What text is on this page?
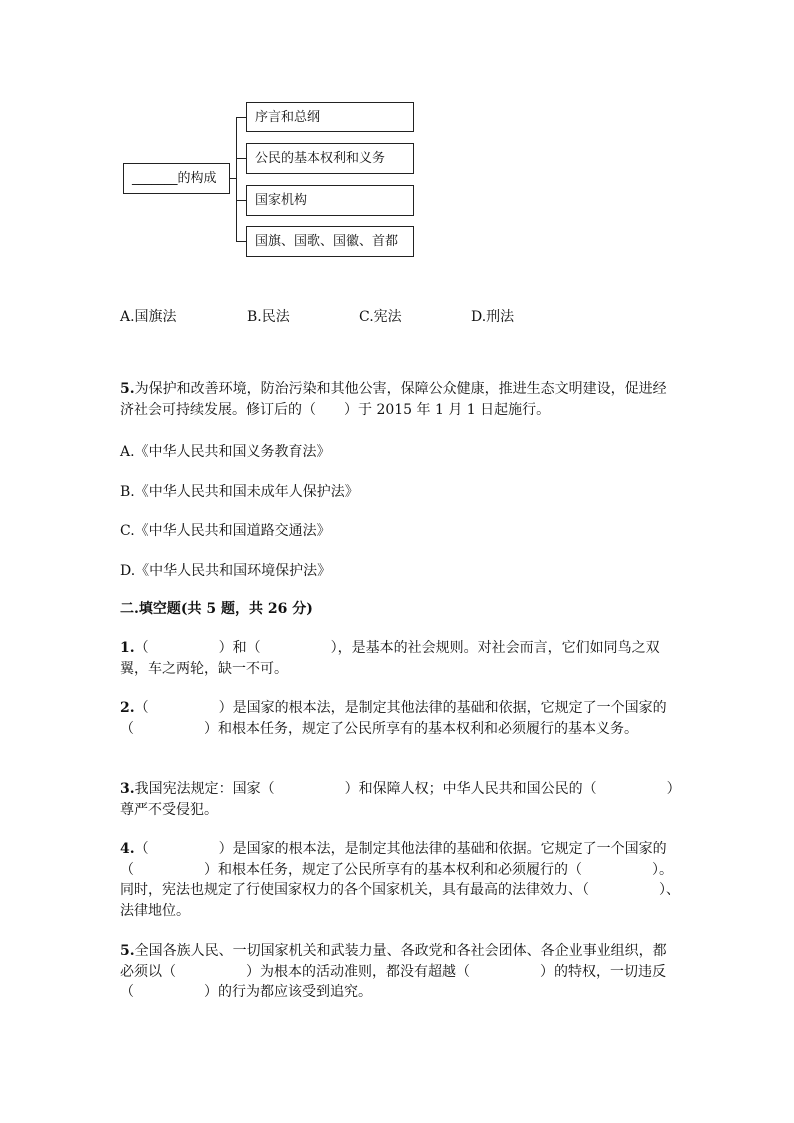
_______的构成
序言和总纲
公民的基本权利和义务
国家机构
国旗、国歌、国徽、首都
A.国旗法	B.民法	C.宪法	D.刑法
5.为保护和改善环境，防治污染和其他公害，保障公众健康，推进生态文明建设，促进经济社会可持续发展。修订后的（　　）于 2015 年 1 月 1 日起施行。
A.《中华人民共和国义务教育法》
B.《中华人民共和国未成年人保护法》
C.《中华人民共和国道路交通法》
D.《中华人民共和国环境保护法》
二.填空题(共 5 题，共 26 分)
1.（　　　　　）和（　　　　　），是基本的社会规则。对社会而言，它们如同鸟之双翼，车之两轮，缺一不可。
2.（　　　　　）是国家的根本法，是制定其他法律的基础和依据，它规定了一个国家的（　　　　　）和根本任务，规定了公民所享有的基本权利和必须履行的基本义务。
3.我国宪法规定：国家（　　　　　）和保障人权；中华人民共和国公民的（　　　　　）尊严不受侵犯。
4.（　　　　　）是国家的根本法，是制定其他法律的基础和依据。它规定了一个国家的（　　　　　）和根本任务，规定了公民所享有的基本权利和必须履行的（　　　　　）。同时，宪法也规定了行使国家权力的各个国家机关，具有最高的法律效力、（　　　　　）、法律地位。
5.全国各族人民、一切国家机关和武装力量、各政党和各社会团体、各企业事业组织，都必须以（　　　　　）为根本的活动准则，都没有超越（　　　　　）的特权，一切违反（　　　　　）的行为都应该受到追究。
